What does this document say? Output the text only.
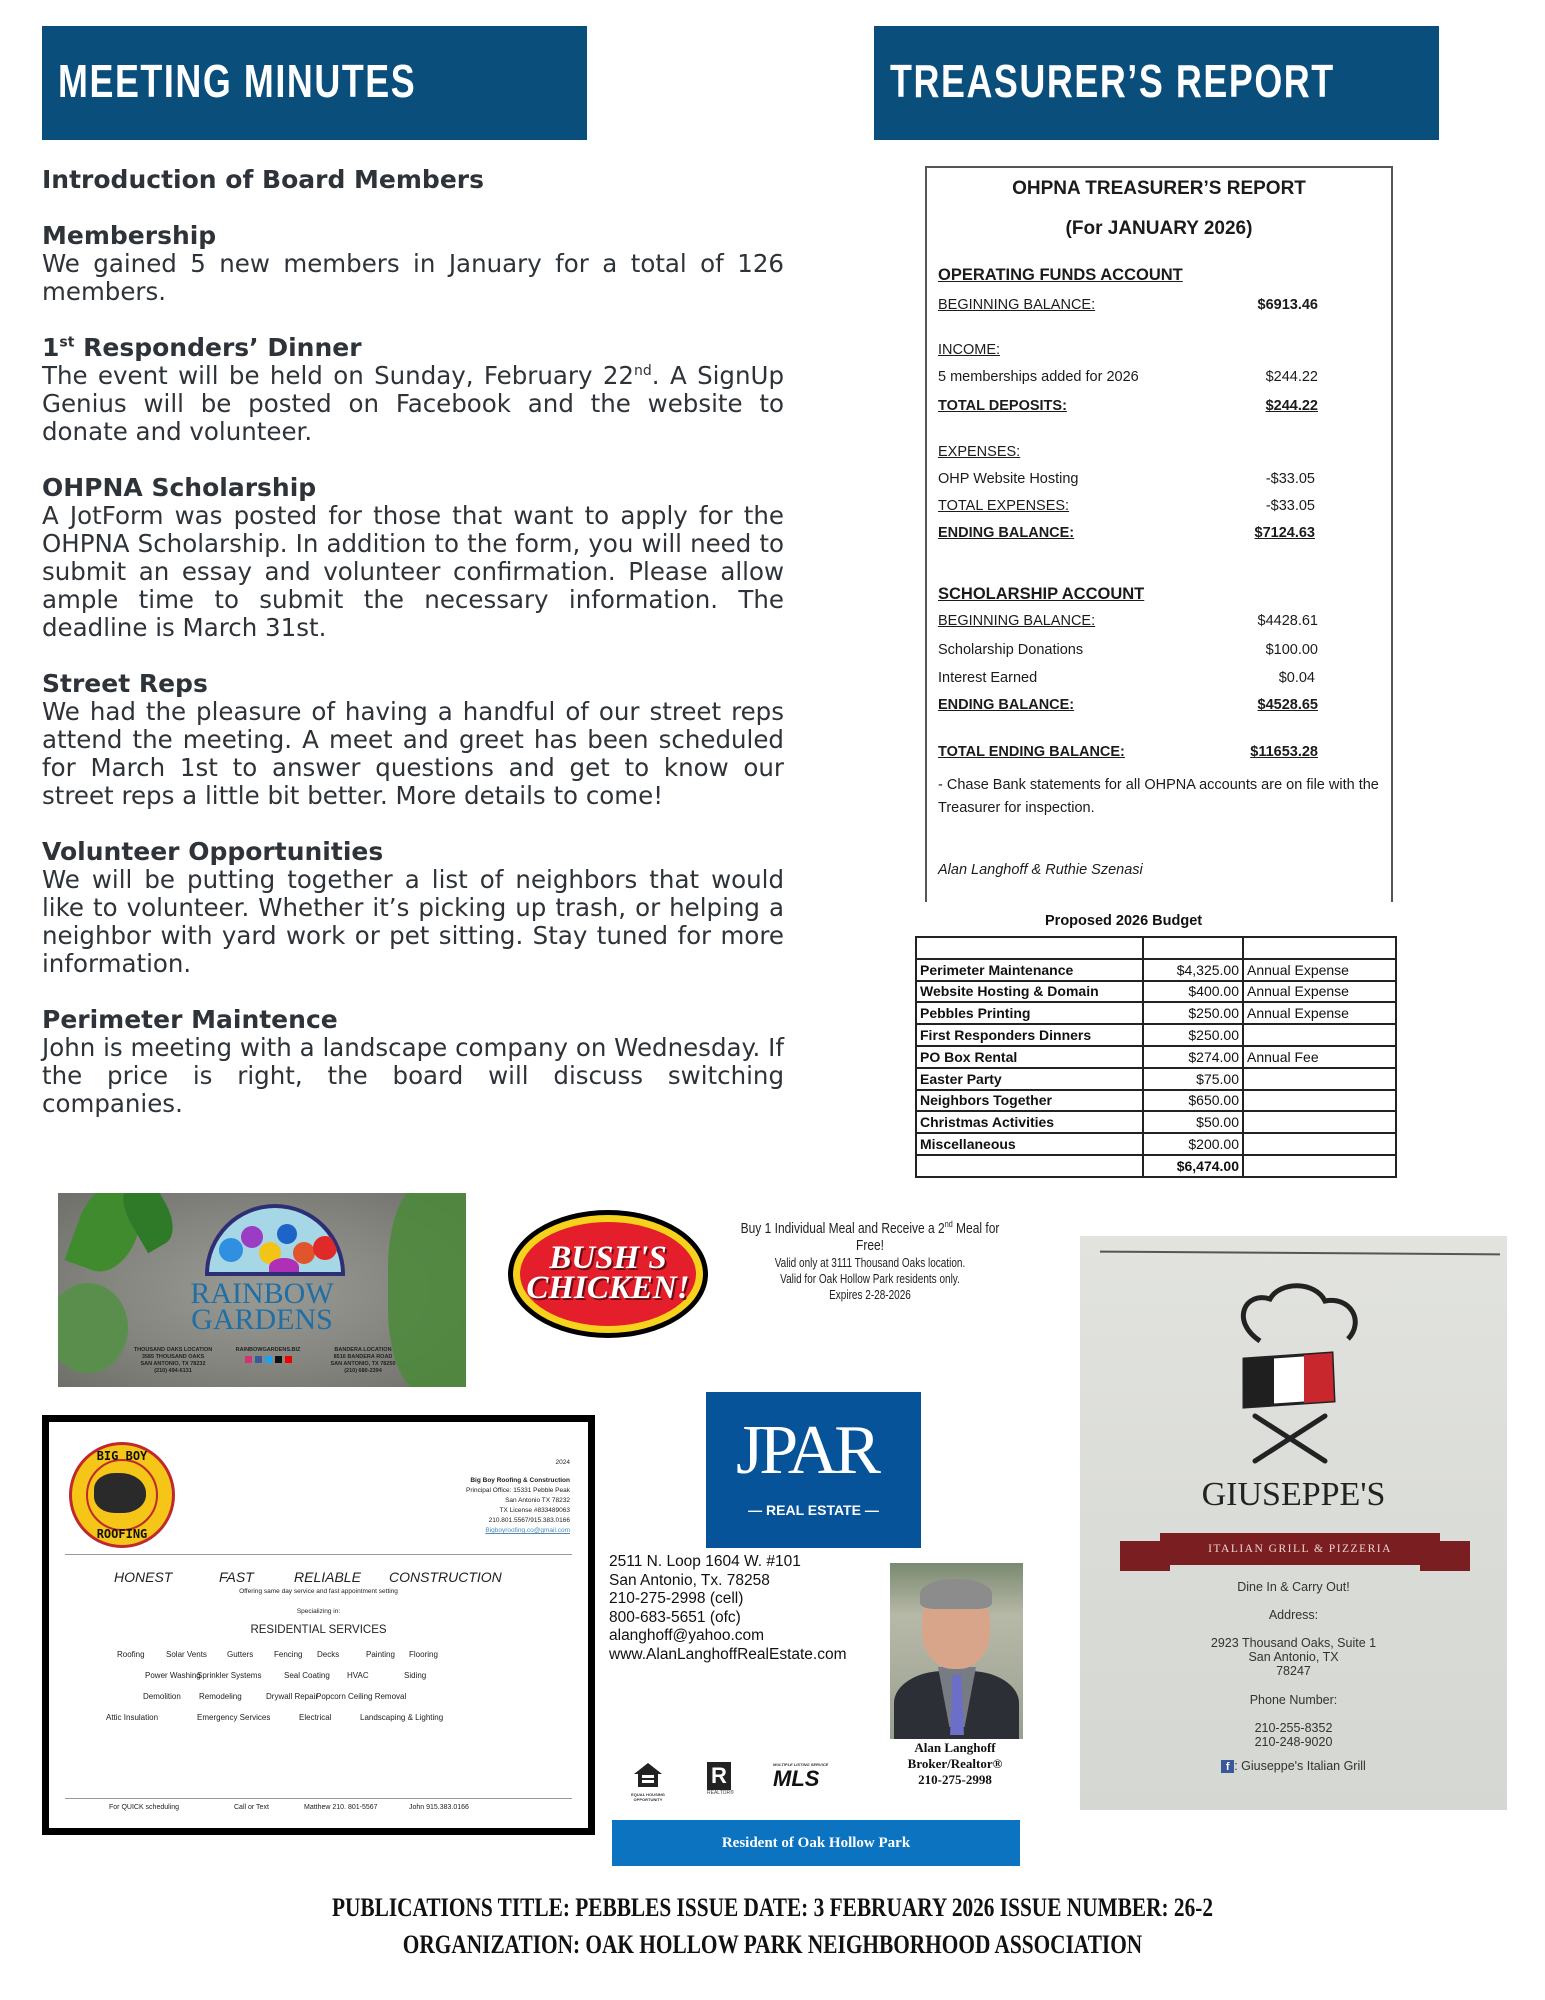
MEETING MINUTES	TREASURER’S REPORT
Introduction of Board Members
Membership
We gained 5 new members in January for a total of 126 members.
1st Responders’ Dinner
The event will be held on Sunday, February 22nd. A SignUp Genius will be posted on Facebook and the website to donate and volunteer.
OHPNA Scholarship
A JotForm was posted for those that want to apply for the OHPNA Scholarship. In addition to the form, you will need to submit an essay and volunteer confirmation. Please allow ample time to submit the necessary information. The deadline is March 31st.
Street Reps
We had the pleasure of having a handful of our street reps attend the meeting. A meet and greet has been scheduled for March 1st to answer questions and get to know our street reps a little bit better. More details to come!
Volunteer Opportunities
We will be putting together a list of neighbors that would like to volunteer. Whether it’s picking up trash, or helping a neighbor with yard work or pet sitting. Stay tuned for more information.
Perimeter Maintence
John is meeting with a landscape company on Wednesday. If the price is right, the board will discuss switching companies.
OHPNA TREASURER’S REPORT
(For JANUARY 2026)
OPERATING FUNDS ACCOUNT
BEGINNING BALANCE:	$6913.46
INCOME:
5 memberships added for 2026	$244.22
TOTAL DEPOSITS:	$244.22
EXPENSES:
OHP Website Hosting	-$33.05
TOTAL EXPENSES:	-$33.05
ENDING BALANCE:	$7124.63
SCHOLARSHIP ACCOUNT
BEGINNING BALANCE:	$4428.61
Scholarship Donations	$100.00
Interest Earned	$0.04
ENDING BALANCE:	$4528.65
TOTAL ENDING BALANCE:	$11653.28
- Chase Bank statements for all OHPNA accounts are on file with the Treasurer for inspection.
Alan Langhoff & Ruthie Szenasi
Proposed 2026 Budget

Perimeter Maintenance	$4,325.00	Annual Expense
Website Hosting & Domain	$400.00	Annual Expense
Pebbles Printing	$250.00	Annual Expense
First Responders Dinners	$250.00	
PO Box Rental	$274.00	Annual Fee
Easter Party	$75.00	
Neighbors Together	$650.00	
Christmas Activities	$50.00	
Miscellaneous	$200.00	
	$6,474.00	
RAINBOW
GARDENS
THOUSAND OAKS LOCATION
3585 THOUSAND OAKS
SAN ANTONIO, TX 78232
(210) 494-6131
RAINBOWGARDENS.BIZ	BANDERA LOCATION
8516 BANDERA ROAD
SAN ANTONIO, TX 78250
(210) 680-2394
BUSH'S
CHICKEN!
Buy 1 Individual Meal and Receive a 2nd Meal for Free!
Valid only at 3111 Thousand Oaks location.
Valid for Oak Hollow Park residents only.
Expires 2-28-2026
BIG BOY
ROOFING
2024
Big Boy Roofing & Construction
Principal Office: 15331 Pebble Peak
San Antonio TX 78232
TX License #833489063
210.801.5567/915.383.0166
Bigboyroofing.co@gmail.com
HONEST	FAST	RELIABLE CONSTRUCTION
Offering same day service and fast appointment setting
Specializing in:
RESIDENTIAL SERVICES
Roofing	Solar Vents	Gutters	Fencing Decks	Painting Flooring
Power Washing
Sprinkler Systems	Seal Coating HVAC	Siding
Demolition Remodeling	Drywall Repair
Popcorn Ceiling Removal
Attic Insulation	Emergency Services	Electrical	Landscaping & Lighting
For QUICK scheduling	Call or Text	Matthew 210. 801-5567	John 915.383.0166
JPAR
— REAL ESTATE —
2511 N. Loop 1604 W. #101
San Antonio, Tx. 78258
210-275-2998 (cell)
800-683-5651 (ofc)
alanghoff@yahoo.com
www.AlanLanghoffRealEstate.com
Alan Langhoff
Broker/Realtor®
210-275-2998
EQUAL HOUSING OPPORTUNITY
R
REALTOR®
MULTIPLE LISTING SERVICE
MLS
Resident of Oak Hollow Park
GIUSEPPE'S
ITALIAN GRILL & PIZZERIA
Dine In & Carry Out!
Address:
2923 Thousand Oaks, Suite 1
San Antonio, TX
78247
Phone Number:
210-255-8352
210-248-9020
f : Giuseppe's Italian Grill
PUBLICATIONS TITLE: PEBBLES ISSUE DATE: 3 FEBRUARY 2026 ISSUE NUMBER: 26-2
ORGANIZATION: OAK HOLLOW PARK NEIGHBORHOOD ASSOCIATION
